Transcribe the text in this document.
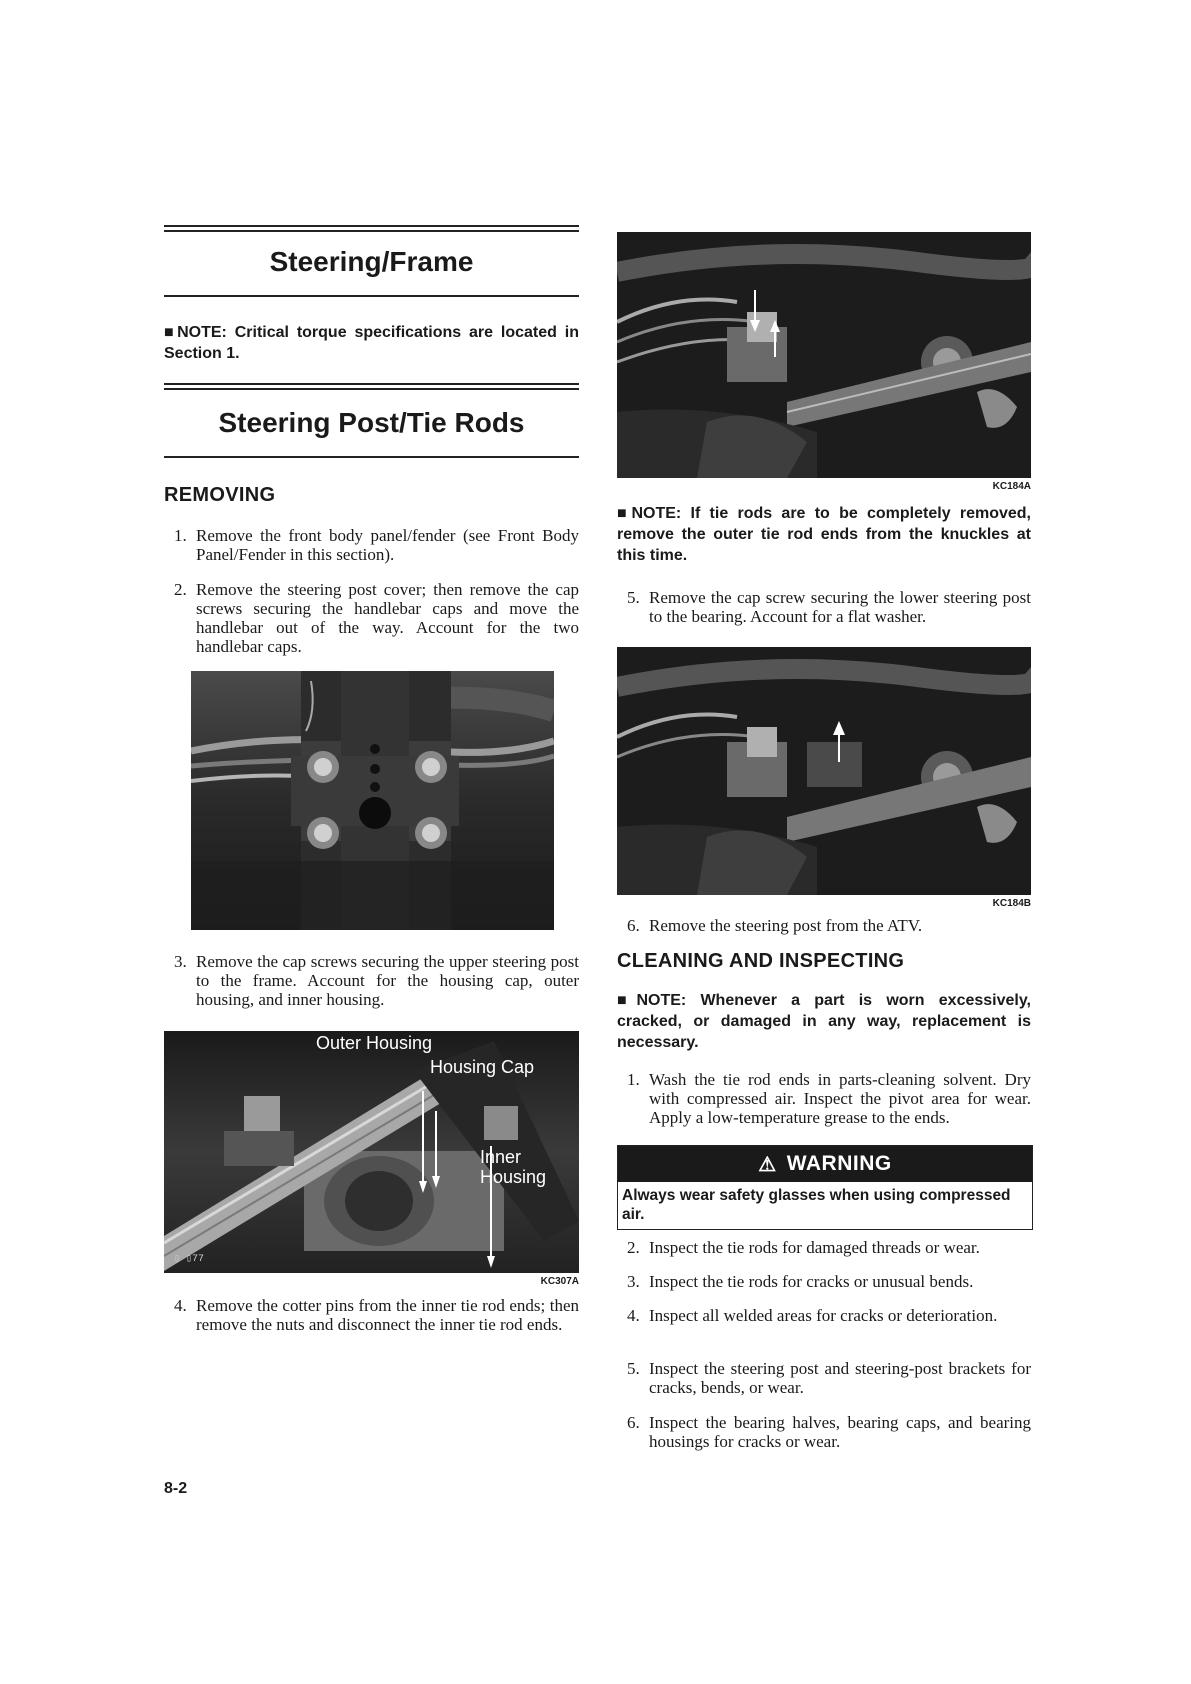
Steering/Frame
■NOTE: Critical torque specifications are located in Section 1.
Steering Post/Tie Rods
REMOVING
1. Remove the front body panel/fender (see Front Body Panel/Fender in this section).
2. Remove the steering post cover; then remove the cap screws securing the handlebar caps and move the handlebar out of the way. Account for the two handlebar caps.
3. Remove the cap screws securing the upper steering post to the frame. Account for the housing cap, outer housing, and inner housing.
▯ ▯77
Outer Housing
Housing Cap
Inner
Housing
KC307A
4. Remove the cotter pins from the inner tie rod ends; then remove the nuts and disconnect the inner tie rod ends.
8-2
KC184A
■NOTE: If tie rods are to be completely removed, remove the outer tie rod ends from the knuckles at this time.
5. Remove the cap screw securing the lower steering post to the bearing. Account for a flat washer.
KC184B
6. Remove the steering post from the ATV.
CLEANING AND INSPECTING
■NOTE: Whenever a part is worn excessively, cracked, or damaged in any way, replacement is necessary.
1. Wash the tie rod ends in parts-cleaning solvent. Dry with compressed air. Inspect the pivot area for wear. Apply a low-temperature grease to the ends.
⚠ WARNING
Always wear safety glasses when using compressed air.
2. Inspect the tie rods for damaged threads or wear.
3. Inspect the tie rods for cracks or unusual bends.
4. Inspect all welded areas for cracks or deterioration.
5. Inspect the steering post and steering-post brackets for cracks, bends, or wear.
6. Inspect the bearing halves, bearing caps, and bearing housings for cracks or wear.
